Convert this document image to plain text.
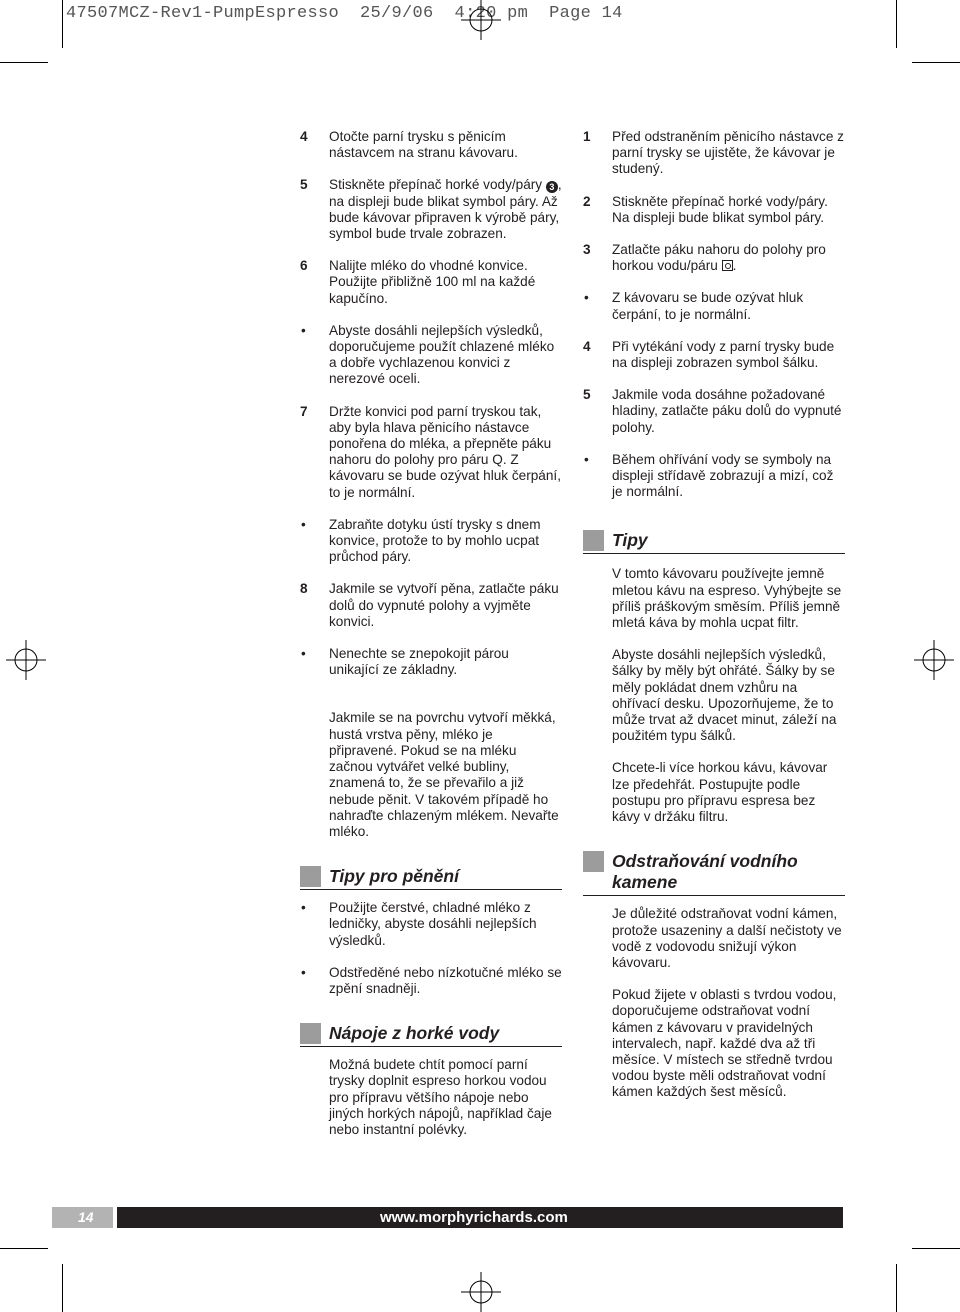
47507MCZ-Rev1-PumpEspresso  25/9/06  4:20 pm  Page 14
4 Otočte parní trysku s pěnicím nástavcem na stranu kávovaru.
5 Stiskněte přepínač horké vody/páry 3 , na displeji bude blikat symbol páry. Až bude kávovar připraven k výrobě páry, symbol bude trvale zobrazen.
6 Nalijte mléko do vhodné konvice. Použijte přibližně 100 ml na každé kapučíno.
• Abyste dosáhli nejlepších výsledků, doporučujeme použít chlazené mléko a dobře vychlazenou konvici z nerezové oceli.
7 Držte konvici pod parní tryskou tak, aby byla hlava pěnicího nástavce ponořena do mléka, a přepněte páku nahoru do polohy pro páru Q. Z kávovaru se bude ozývat hluk čerpání, to je normální.
• Zabraňte dotyku ústí trysky s dnem konvice, protože to by mohlo ucpat průchod páry.
8 Jakmile se vytvoří pěna, zatlačte páku dolů do vypnuté polohy a vyjměte konvici.
• Nenechte se znepokojit párou unikající ze základny.
Jakmile se na povrchu vytvoří měkká, hustá vrstva pěny, mléko je připravené. Pokud se na mléku začnou vytvářet velké bubliny, znamená to, že se převařilo a již nebude pěnit. V takovém případě ho nahraďte chlazeným mlékem. Nevařte mléko.
Tipy pro pěnění
• Použijte čerstvé, chladné mléko z ledničky, abyste dosáhli nejlepších výsledků.
• Odstředěné nebo nízkotučné mléko se zpění snadněji.
Nápoje z horké vody
Možná budete chtít pomocí parní trysky doplnit espreso horkou vodou pro přípravu většího nápoje nebo jiných horkých nápojů, například čaje nebo instantní polévky.
1 Před odstraněním pěnicího nástavce z parní trysky se ujistěte, že kávovar je studený.
2 Stiskněte přepínač horké vody/páry. Na displeji bude blikat symbol páry.
3 Zatlačte páku nahoru do polohy pro horkou vodu/páru .
• Z kávovaru se bude ozývat hluk čerpání, to je normální.
4 Při vytékání vody z parní trysky bude na displeji zobrazen symbol šálku.
5 Jakmile voda dosáhne požadované hladiny, zatlačte páku dolů do vypnuté polohy.
• Během ohřívání vody se symboly na displeji střídavě zobrazují a mizí, což je normální.
Tipy
V tomto kávovaru používejte jemně mletou kávu na espreso. Vyhýbejte se příliš práškovým směsím. Příliš jemně mletá káva by mohla ucpat filtr.
Abyste dosáhli nejlepších výsledků, šálky by měly být ohřáté. Šálky by se měly pokládat dnem vzhůru na ohřívací desku. Upozorňujeme, že to může trvat až dvacet minut, záleží na použitém typu šálků.
Chcete-li více horkou kávu, kávovar lze předehřát. Postupujte podle postupu pro přípravu espresa bez kávy v držáku filtru.
Odstraňování vodního kamene
Je důležité odstraňovat vodní kámen, protože usazeniny a další nečistoty ve vodě z vodovodu snižují výkon kávovaru.
Pokud žijete v oblasti s tvrdou vodou, doporučujeme odstraňovat vodní kámen z kávovaru v pravidelných intervalech, např. každé dva až tři měsíce. V místech se středně tvrdou vodou byste měli odstraňovat vodní kámen každých šest měsíců.
14	www.morphyrichards.com
